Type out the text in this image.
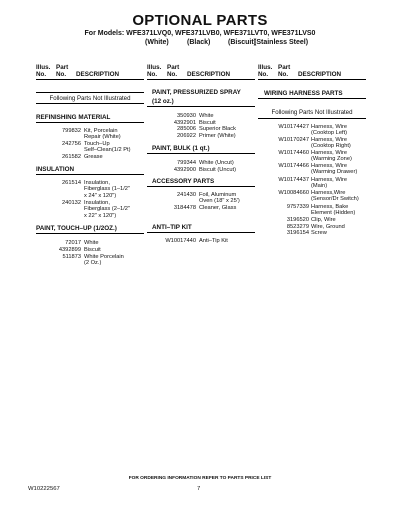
OPTIONAL PARTS
For Models: WFE371LVQ0, WFE371LVB0, WFE371LVT0, WFE371LVS0
(White)	(Black)	(Biscuit)
(Stainless Steel)
Illus. No.
Part No.	DESCRIPTION
Illus. No.
Part No.	DESCRIPTION
Illus. No.
Part No.	DESCRIPTION
Following Parts Not Illustrated
REFINISHING MATERIAL
799832 Kit, Porcelain
Repair (White)
242756 Touch–Up
Self–Clean(1/2 Pt)
261582 Grease
INSULATION
261514 Insulation,
Fiberglass (1–1/2"
x 24" x 120")
240132 Insulation,
Fiberglass (2–1/2"
x 22" x 120")
PAINT, TOUCH–UP (1/2OZ.)
72017 White
4392899 Biscuit
511873 White Porcelain
(2 Oz.)
PAINT, PRESSURIZED SPRAY
(12 oz.)
350930 White
4392901 Biscuit
285006 Superior Black
206922 Primer (White)
PAINT, BULK (1 qt.)
799344 White (Uncut)
4392900 Biscuit (Uncut)
ACCESSORY PARTS
241430 Foil, Aluminum
Oven (18" x 25')
3184478 Cleaner, Glass
ANTI–TIP KIT
W10017440 Anti–Tip Kit
WIRING HARNESS PARTS
Following Parts Not Illustrated
W10174427 Harness, Wire
(Cooktop Left)
W10170247 Harness, Wire
(Cooktop Right)
W10174460 Harness, Wire
(Warming Zone)
W10174466 Harness, Wire
(Warming Drawer)
W10174437 Harness, Wire
(Main)
W10084660 Harness,Wire
(Sensor/Dr Switch)
9757339 Harness, Bake
Element (Hidden)
3196520 Clip, Wire
8523279 Wire, Ground
3196154 Screw
FOR ORDERING INFORMATION REFER TO PARTS PRICE LIST
W10222567	7
